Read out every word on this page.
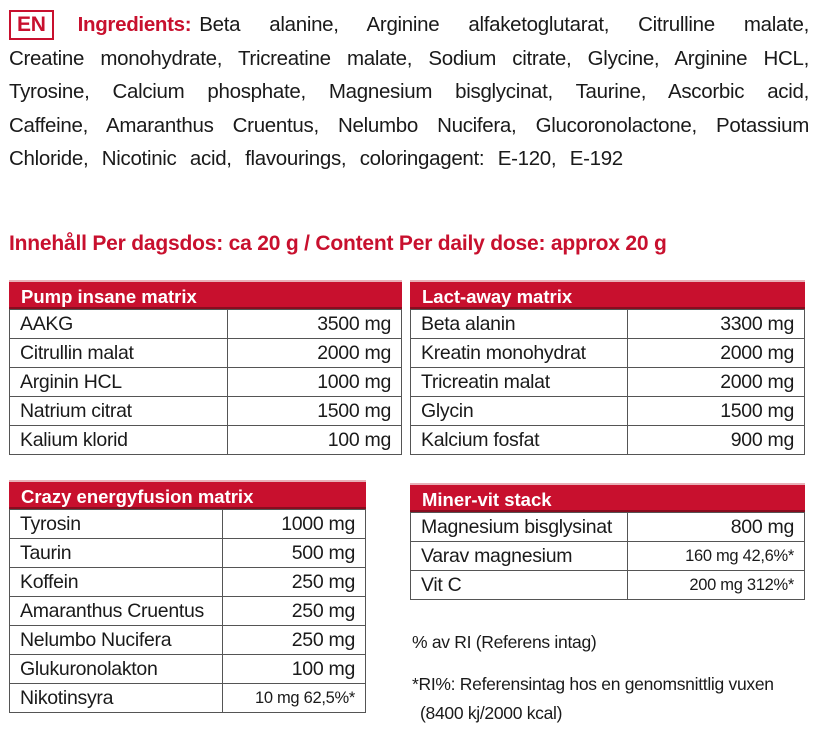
EN Ingredients: Beta alanine, Arginine alfaketoglutarat, Citrulline malate,
Creatine monohydrate, Tricreatine malate, Sodium citrate, Glycine, Arginine HCL,
Tyrosine, Calcium phosphate, Magnesium bisglycinat, Taurine, Ascorbic acid,
Caffeine, Amaranthus Cruentus, Nelumbo Nucifera, Glucoronolactone, Potassium
Chloride, Nicotinic acid, flavourings, coloringagent: E-120, E-192
Innehåll Per dagsdos: ca 20 g / Content Per daily dose: approx 20 g
Pump insane matrix
AAKG	3500 mg
Citrullin malat	2000 mg
Arginin HCL	1000 mg
Natrium citrat	1500 mg
Kalium klorid	100 mg
Lact-away matrix
Beta alanin	3300 mg
Kreatin monohydrat	2000 mg
Tricreatin malat	2000 mg
Glycin	1500 mg
Kalcium fosfat	900 mg
Crazy energyfusion matrix
Tyrosin	1000 mg
Taurin	500 mg
Koffein	250 mg
Amaranthus Cruentus	250 mg
Nelumbo Nucifera	250 mg
Glukuronolakton	100 mg
Nikotinsyra	10 mg 62,5%*
Miner-vit stack
Magnesium bisglysinat	800 mg
Varav magnesium	160 mg 42,6%*
Vit C	200 mg 312%*
% av RI (Referens intag)
*RI%: Referensintag hos en genomsnittlig vuxen
(8400 kj/2000 kcal)
